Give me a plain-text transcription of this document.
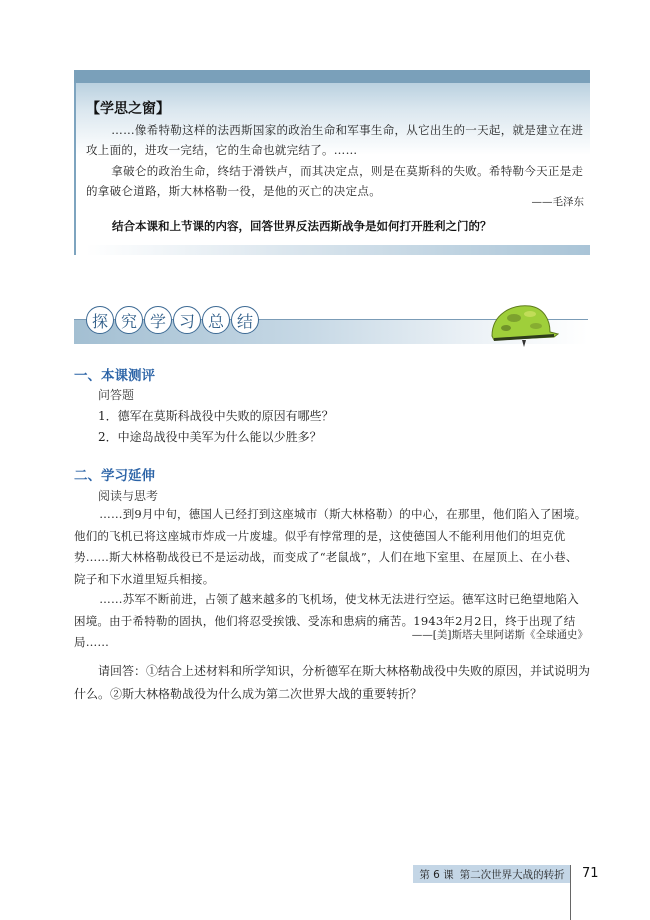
【学思之窗】
……像希特勒这样的法西斯国家的政治生命和军事生命，从它出生的一天起，就是建立在进攻上面的，进攻一完结，它的生命也就完结了。……
拿破仑的政治生命，终结于滑铁卢，而其决定点，则是在莫斯科的失败。希特勒今天正是走的拿破仑道路，斯大林格勒一役，是他的灭亡的决定点。
——毛泽东
结合本课和上节课的内容，回答世界反法西斯战争是如何打开胜利之门的？
探 究 学 习 总 结
一、本课测评
问答题
1．德军在莫斯科战役中失败的原因有哪些？
2．中途岛战役中美军为什么能以少胜多？
二、学习延伸
阅读与思考
……到9月中旬，德国人已经打到这座城市（斯大林格勒）的中心，在那里，他们陷入了困境。他们的飞机已将这座城市炸成一片废墟。似乎有悖常理的是，这使德国人不能利用他们的坦克优势……斯大林格勒战役已不是运动战，而变成了“老鼠战”，人们在地下室里、在屋顶上、在小巷、院子和下水道里短兵相接。
……苏军不断前进，占领了越来越多的飞机场，使戈林无法进行空运。德军这时已绝望地陷入困境。由于希特勒的固执，他们将忍受挨饿、受冻和患病的痛苦。1943年2月2日，终于出现了结局……	——[美]斯塔夫里阿诺斯《全球通史》
请回答：①结合上述材料和所学知识，分析德军在斯大林格勒战役中失败的原因，并试说明为什么。②斯大林格勒战役为什么成为第二次世界大战的重要转折？
第 6 课 第二次世界大战的转折 71
